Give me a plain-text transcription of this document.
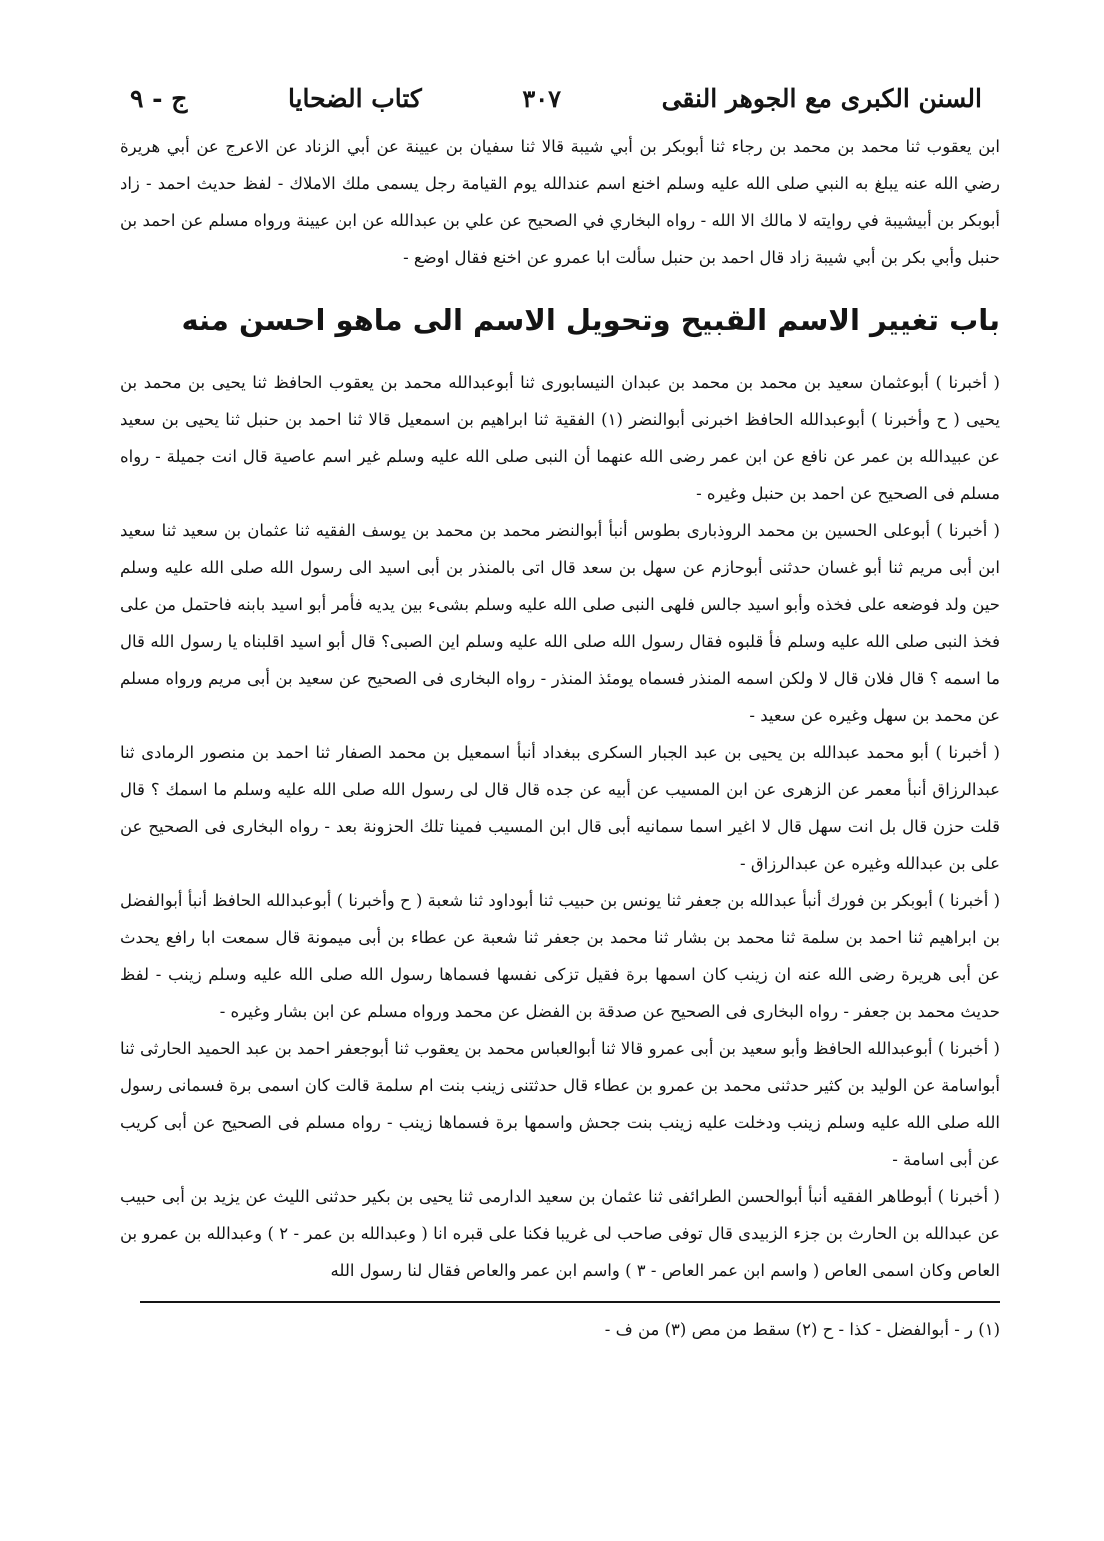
السنن الكبرى مع الجوهر النقى
٣٠٧
كتاب الضحايا
ج - ٩

ابن يعقوب ثنا محمد بن محمد بن رجاء ثنا أبوبكر بن أبي شيبة قالا ثنا سفيان بن عيينة عن أبي الزناد عن الاعرج عن أبي هريرة رضي الله عنه يبلغ به النبي صلى الله عليه وسلم اخنع اسم عندالله يوم القيامة رجل يسمى ملك الاملاك - لفظ حديث احمد - زاد أبوبكر بن أبيشيبة في روايته لا مالك الا الله - رواه البخاري في الصحيح عن علي بن عبدالله عن ابن عيينة ورواه مسلم عن احمد بن حنبل وأبي بكر بن أبي شيبة زاد قال احمد بن حنبل سألت ابا عمرو عن اخنع فقال اوضع -

باب تغيير الاسم القبيح وتحويل الاسم الى ماهو احسن منه

( أخبرنا ) أبوعثمان سعيد بن محمد بن محمد بن عبدان النيسابورى ثنا أبوعبدالله محمد بن يعقوب الحافظ ثنا يحيى بن محمد بن يحيى ( ح وأخبرنا ) أبوعبدالله الحافظ اخبرنى أبوالنضر (١) الفقية ثنا ابراهيم بن اسمعيل قالا ثنا احمد بن حنبل ثنا يحيى بن سعيد عن عبيدالله بن عمر عن نافع عن ابن عمر رضى الله عنهما أن النبى صلى الله عليه وسلم غير اسم عاصية قال انت جميلة - رواه مسلم فى الصحيح عن احمد بن حنبل وغيره -

( أخبرنا ) أبوعلى الحسين بن محمد الروذبارى بطوس أنبأ أبوالنضر محمد بن محمد بن يوسف الفقيه ثنا عثمان بن سعيد ثنا سعيد ابن أبى مريم ثنا أبو غسان حدثنى أبوحازم عن سهل بن سعد قال اتى بالمنذر بن أبى اسيد الى رسول الله صلى الله عليه وسلم حين ولد فوضعه على فخذه وأبو اسيد جالس فلهى النبى صلى الله عليه وسلم بشىء بين يديه فأمر أبو اسيد بابنه فاحتمل من على فخذ النبى صلى الله عليه وسلم فأ قلبوه فقال رسول الله صلى الله عليه وسلم اين الصبى؟ قال أبو اسيد اقلبناه يا رسول الله قال ما اسمه ؟ قال فلان قال لا ولكن اسمه المنذر فسماه يومئذ المنذر - رواه البخارى فى الصحيح عن سعيد بن أبى مريم ورواه مسلم عن محمد بن سهل وغيره عن سعيد -

( أخبرنا ) أبو محمد عبدالله بن يحيى بن عبد الجبار السكرى ببغداد أنبأ اسمعيل بن محمد الصفار ثنا احمد بن منصور الرمادى ثنا عبدالرزاق أنبأ معمر عن الزهرى عن ابن المسيب عن أبيه عن جده قال قال لى رسول الله صلى الله عليه وسلم ما اسمك ؟ قال قلت حزن قال بل انت سهل قال لا اغير اسما سمانيه أبى قال ابن المسيب فمينا تلك الحزونة بعد - رواه البخارى فى الصحيح عن على بن عبدالله وغيره عن عبدالرزاق -

( أخبرنا ) أبوبكر بن فورك أنبأ عبدالله بن جعفر ثنا يونس بن حبيب ثنا أبوداود ثنا شعبة ( ح وأخبرنا ) أبوعبدالله الحافظ أنبأ أبوالفضل بن ابراهيم ثنا احمد بن سلمة ثنا محمد بن بشار ثنا محمد بن جعفر ثنا شعبة عن عطاء بن أبى ميمونة قال سمعت ابا رافع يحدث عن أبى هريرة رضى الله عنه ان زينب كان اسمها برة فقيل تزكى نفسها فسماها رسول الله صلى الله عليه وسلم زينب - لفظ حديث محمد بن جعفر - رواه البخارى فى الصحيح عن صدقة بن الفضل عن محمد ورواه مسلم عن ابن بشار وغيره -

( أخبرنا ) أبوعبدالله الحافظ وأبو سعيد بن أبى عمرو قالا ثنا أبوالعباس محمد بن يعقوب ثنا أبوجعفر احمد بن عبد الحميد الحارثى ثنا أبواسامة عن الوليد بن كثير حدثنى محمد بن عمرو بن عطاء قال حدثتنى زينب بنت ام سلمة قالت كان اسمى برة فسمانى رسول الله صلى الله عليه وسلم زينب ودخلت عليه زينب بنت جحش واسمها برة فسماها زينب - رواه مسلم فى الصحيح عن أبى كريب عن أبى اسامة -

( أخبرنا ) أبوطاهر الفقيه أنبأ أبوالحسن الطرائفى ثنا عثمان بن سعيد الدارمى ثنا يحيى بن بكير حدثنى الليث عن يزيد بن أبى حبيب عن عبدالله بن الحارث بن جزء الزبيدى قال توفى صاحب لى غريبا فكنا على قبره انا ( وعبدالله بن عمر - ٢ ) وعبدالله بن عمرو بن العاص وكان اسمى العاص ( واسم ابن عمر العاص - ٣ ) واسم ابن عمر والعاص فقال لنا رسول الله

(١) ر - أبوالفضل - كذا - ح (٢) سقط من مص (٣) من ف -
